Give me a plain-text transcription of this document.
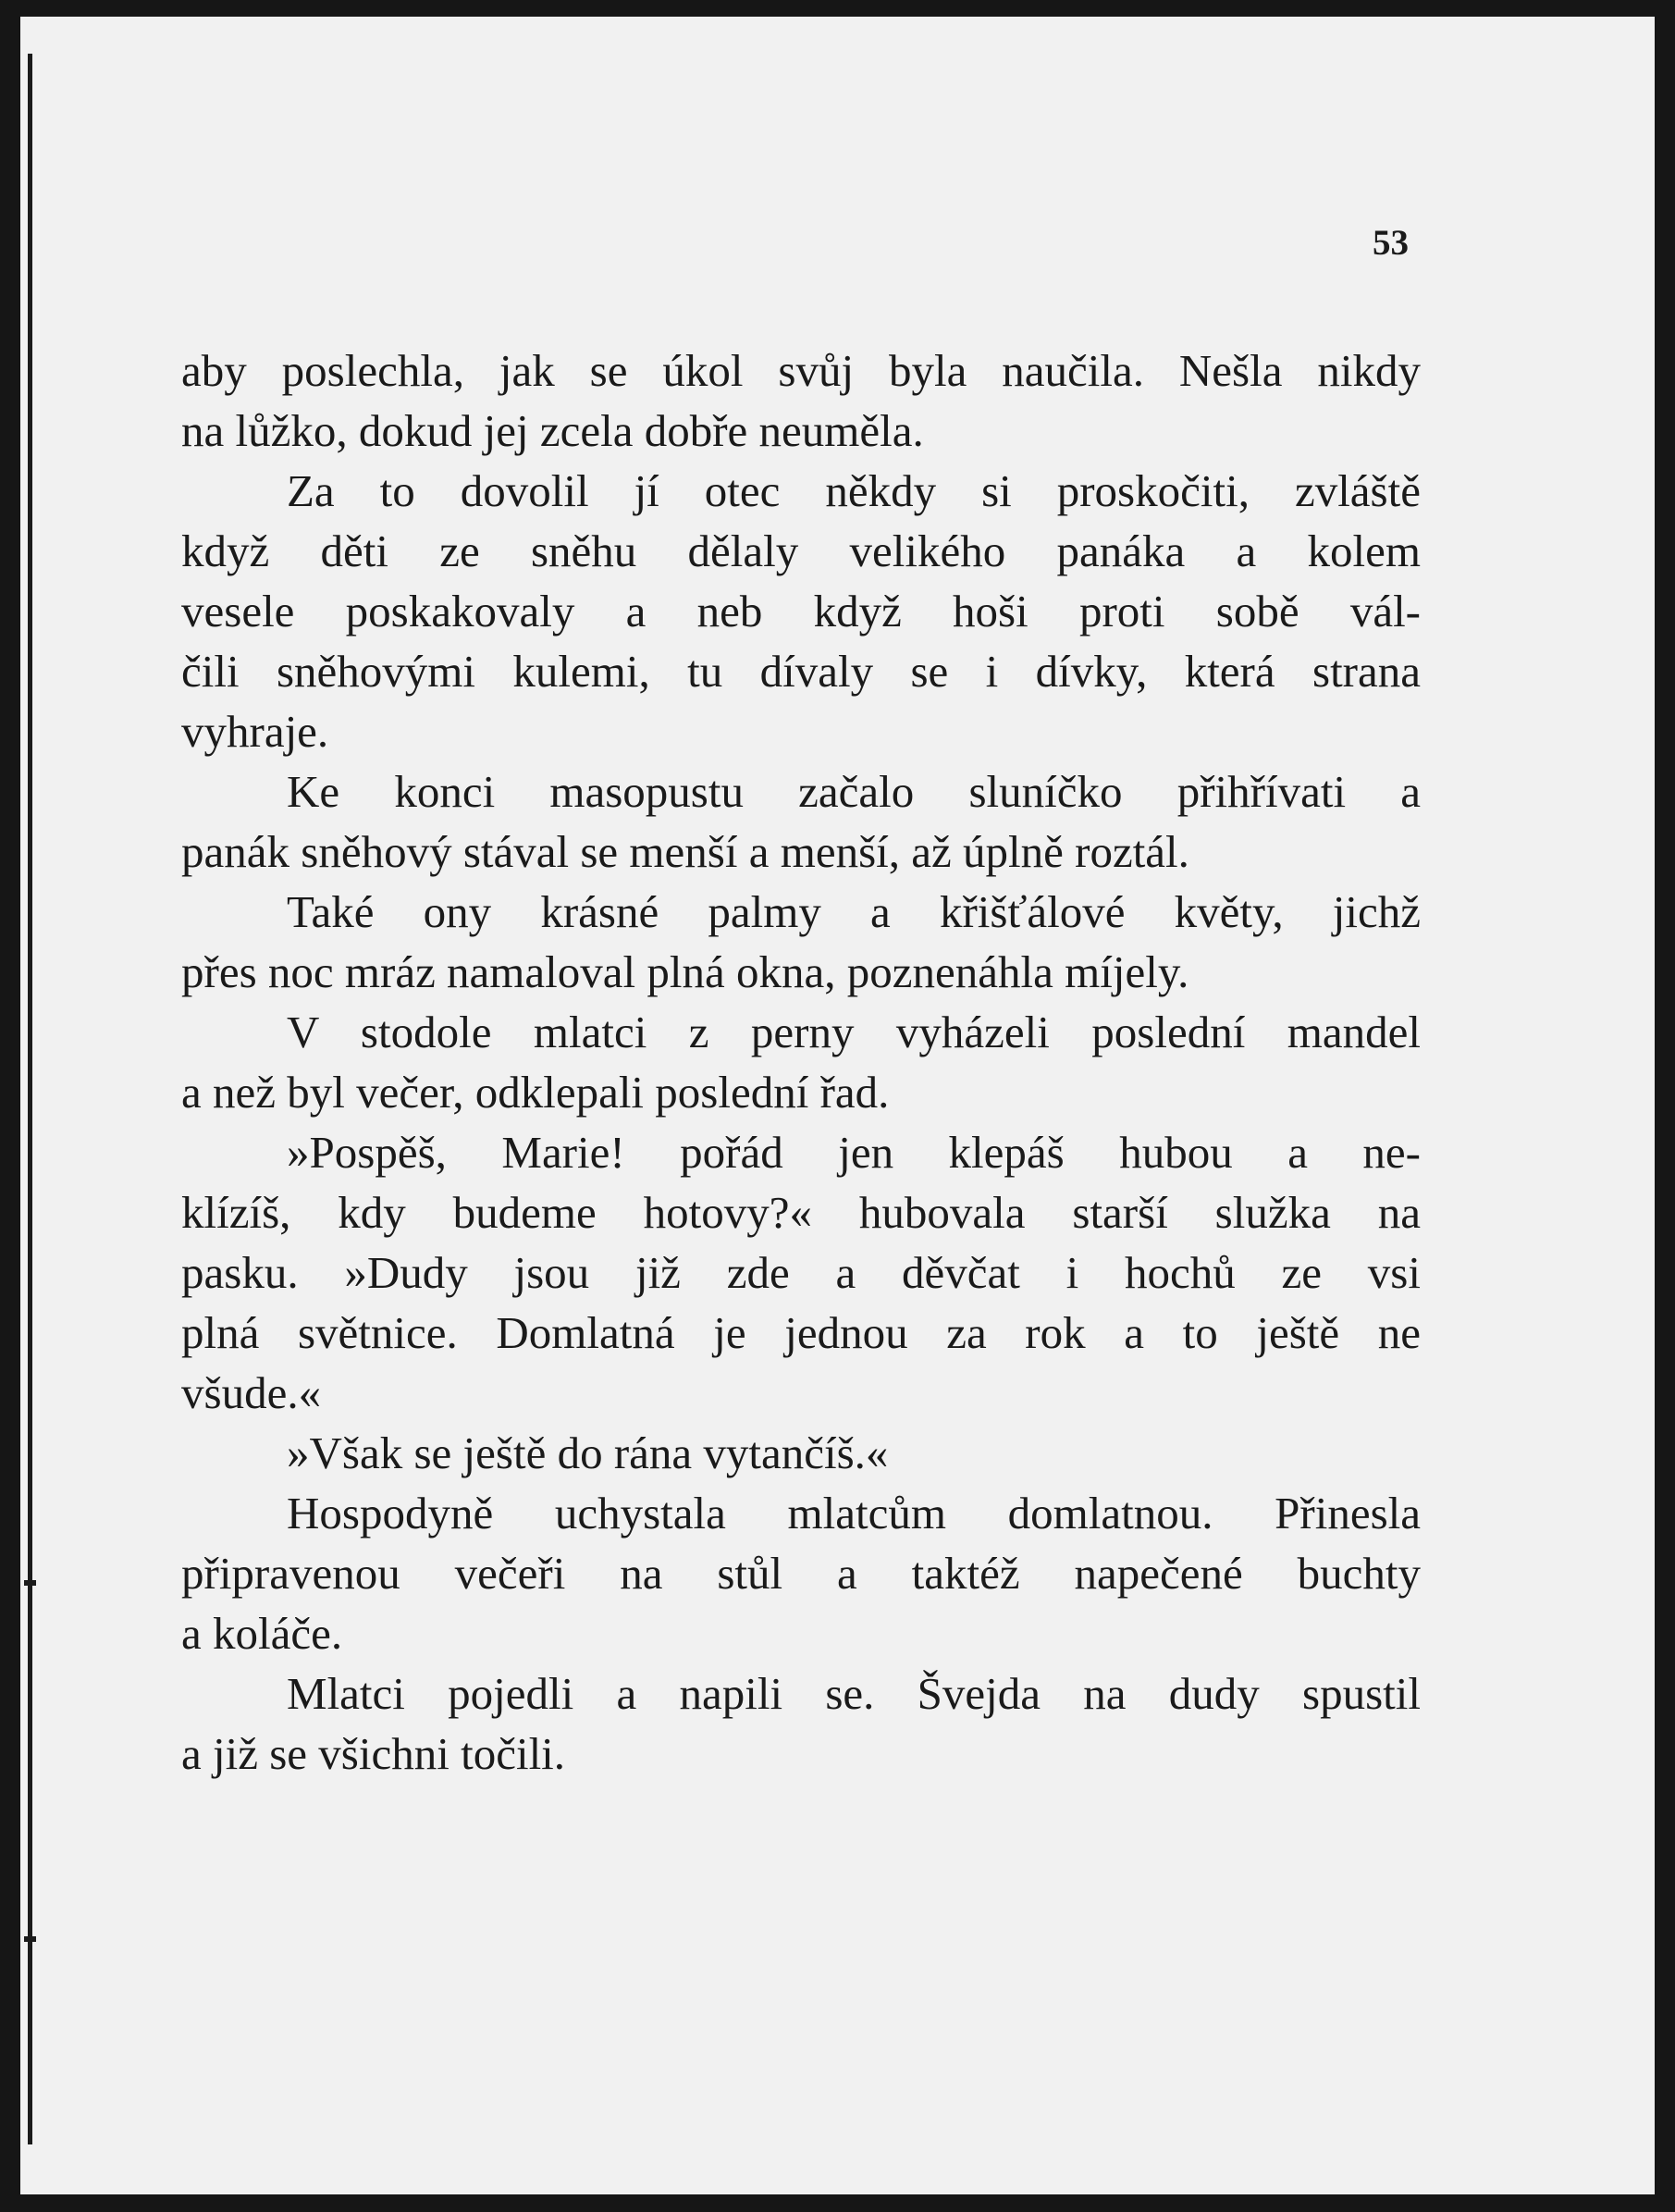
53

aby poslechla, jak se úkol svůj byla naučila. Nešla nikdy

na lůžko, dokud jej zcela dobře neuměla.

Za to dovolil jí otec někdy si proskočiti, zvláště

když děti ze sněhu dělaly velikého panáka a kolem

vesele poskakovaly a neb když hoši proti sobě vál-

čili sněhovými kulemi, tu dívaly se i dívky, která strana

vyhraje.

Ke konci masopustu začalo sluníčko přihřívati a

panák sněhový stával se menší a menší, až úplně roztál.

Také ony krásné palmy a křišťálové květy, jichž

přes noc mráz namaloval plná okna, poznenáhla míjely.

V stodole mlatci z perny vyházeli poslední mandel

a než byl večer, odklepali poslední řad.

»Pospěš, Marie! pořád jen klepáš hubou a ne-

klízíš, kdy budeme hotovy?« hubovala starší služka na

pasku. »Dudy jsou již zde a děvčat i hochů ze vsi

plná světnice. Domlatná je jednou za rok a to ještě ne

všude.«

»Však se ještě do rána vytančíš.«

Hospodyně uchystala mlatcům domlatnou. Přinesla

připravenou večeři na stůl a taktéž napečené buchty

a koláče.

Mlatci pojedli a napili se. Švejda na dudy spustil

a již se všichni točili.
